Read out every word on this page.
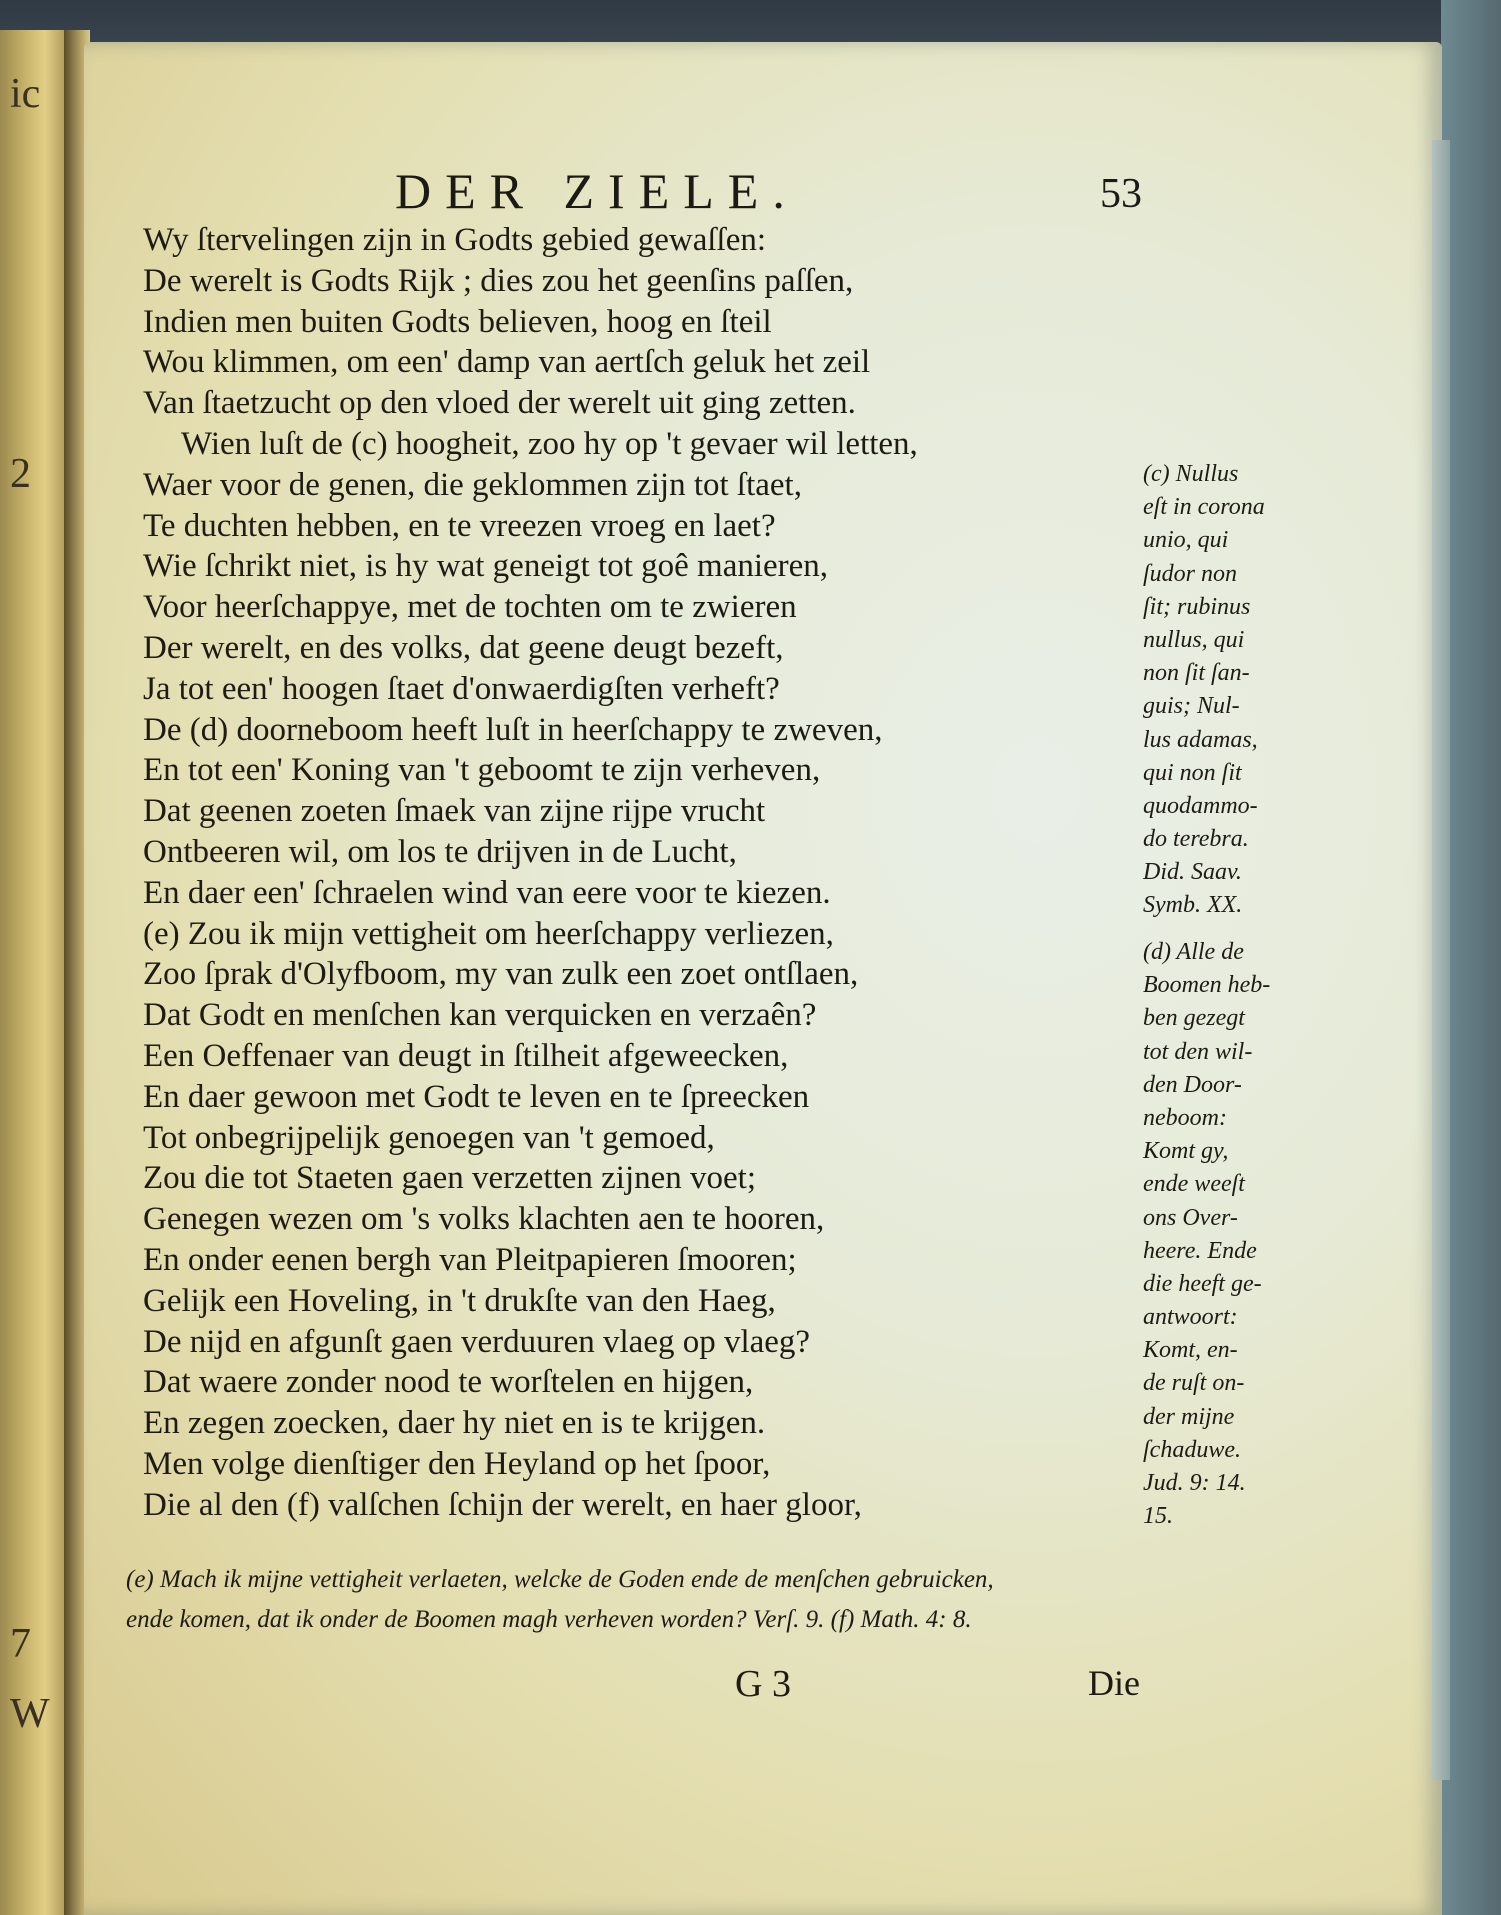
ic
2
7
W
DER ZIELE.	53
Wy ſtervelingen zijn in Godts gebied gewaſſen:
De werelt is Godts Rijk ; dies zou het geenſins paſſen,
Indien men buiten Godts believen, hoog en ſteil
Wou klimmen, om een' damp van aertſch geluk het zeil
Van ſtaetzucht op den vloed der werelt uit ging zetten.
Wien luſt de (c) hoogheit, zoo hy op 't gevaer wil letten,
Waer voor de genen, die geklommen zijn tot ſtaet,
Te duchten hebben, en te vreezen vroeg en laet?
Wie ſchrikt niet, is hy wat geneigt tot goê manieren,
Voor heerſchappye, met de tochten om te zwieren
Der werelt, en des volks, dat geene deugt bezeft,
Ja tot een' hoogen ſtaet d'onwaerdigſten verheft?
De (d) doorneboom heeft luſt in heerſchappy te zweven,
En tot een' Koning van 't geboomt te zijn verheven,
Dat geenen zoeten ſmaek van zijne rijpe vrucht
Ontbeeren wil, om los te drijven in de Lucht,
En daer een' ſchraelen wind van eere voor te kiezen.
(e) Zou ik mijn vettigheit om heerſchappy verliezen,
Zoo ſprak d'Olyfboom, my van zulk een zoet ontſlaen,
Dat Godt en menſchen kan verquicken en verzaên?
Een Oeffenaer van deugt in ſtilheit afgeweecken,
En daer gewoon met Godt te leven en te ſpreecken
Tot onbegrijpelijk genoegen van 't gemoed,
Zou die tot Staeten gaen verzetten zijnen voet;
Genegen wezen om 's volks klachten aen te hooren,
En onder eenen bergh van Pleitpapieren ſmooren;
Gelijk een Hoveling, in 't drukſte van den Haeg,
De nijd en afgunſt gaen verduuren vlaeg op vlaeg?
Dat waere zonder nood te worſtelen en hijgen,
En zegen zoecken, daer hy niet en is te krijgen.
Men volge dienſtiger den Heyland op het ſpoor,
Die al den (f) valſchen ſchijn der werelt, en haer gloor,
(c) Nullus
eſt in corona
unio, qui
ſudor non
ſit; rubinus
nullus, qui
non ſit ſan-
guis; Nul-
lus adamas,
qui non ſit
quodammo-
do terebra.
Did. Saav.
Symb. XX.
(d) Alle de
Boomen heb-
ben gezegt
tot den wil-
den Door-
neboom:
Komt gy,
ende weeſt
ons Over-
heere. Ende
die heeft ge-
antwoort:
Komt, en-
de ruſt on-
der mijne
ſchaduwe.
Jud. 9: 14.
15.
(e) Mach ik mijne vettigheit verlaeten, welcke de Goden ende de menſchen gebruicken,
ende komen, dat ik onder de Boomen magh verheven worden? Verſ. 9. (f) Math. 4: 8.
G 3	Die
